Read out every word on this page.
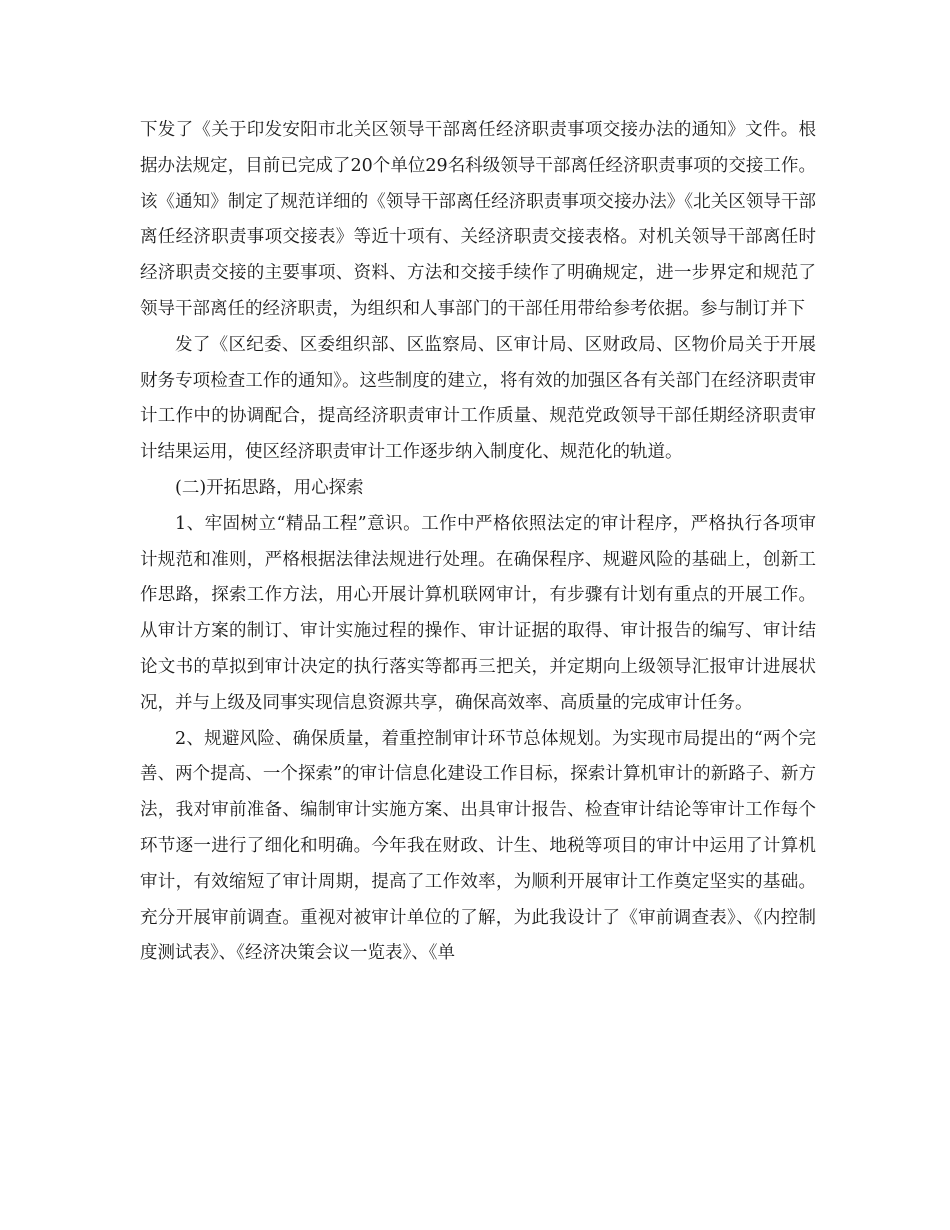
下发了《关于印发安阳市北关区领导干部离任经济职责事项交接办法的通知》文件。根据办法规定，目前已完成了20个单位29名科级领导干部离任经济职责事项的交接工作。该《通知》制定了规范详细的《领导干部离任经济职责事项交接办法》《北关区领导干部离任经济职责事项交接表》等近十项有、关经济职责交接表格。对机关领导干部离任时经济职责交接的主要事项、资料、方法和交接手续作了明确规定，进一步界定和规范了领导干部离任的经济职责，为组织和人事部门的干部任用带给参考依据。参与制订并下

发了《区纪委、区委组织部、区监察局、区审计局、区财政局、区物价局关于开展财务专项检查工作的通知》。这些制度的建立，将有效的加强区各有关部门在经济职责审计工作中的协调配合，提高经济职责审计工作质量、规范党政领导干部任期经济职责审计结果运用，使区经济职责审计工作逐步纳入制度化、规范化的轨道。

(二)开拓思路，用心探索

1、牢固树立“精品工程”意识。工作中严格依照法定的审计程序，严格执行各项审计规范和准则，严格根据法律法规进行处理。在确保程序、规避风险的基础上，创新工作思路，探索工作方法，用心开展计算机联网审计，有步骤有计划有重点的开展工作。从审计方案的制订、审计实施过程的操作、审计证据的取得、审计报告的编写、审计结论文书的草拟到审计决定的执行落实等都再三把关，并定期向上级领导汇报审计进展状况，并与上级及同事实现信息资源共享，确保高效率、高质量的完成审计任务。

2、规避风险、确保质量，着重控制审计环节总体规划。为实现市局提出的“两个完善、两个提高、一个探索”的审计信息化建设工作目标，探索计算机审计的新路子、新方法，我对审前准备、编制审计实施方案、出具审计报告、检查审计结论等审计工作每个环节逐一进行了细化和明确。今年我在财政、计生、地税等项目的审计中运用了计算机审计，有效缩短了审计周期，提高了工作效率，为顺利开展审计工作奠定坚实的基础。充分开展审前调查。重视对被审计单位的了解，为此我设计了《审前调查表》、《内控制度测试表》、《经济决策会议一览表》、《单
